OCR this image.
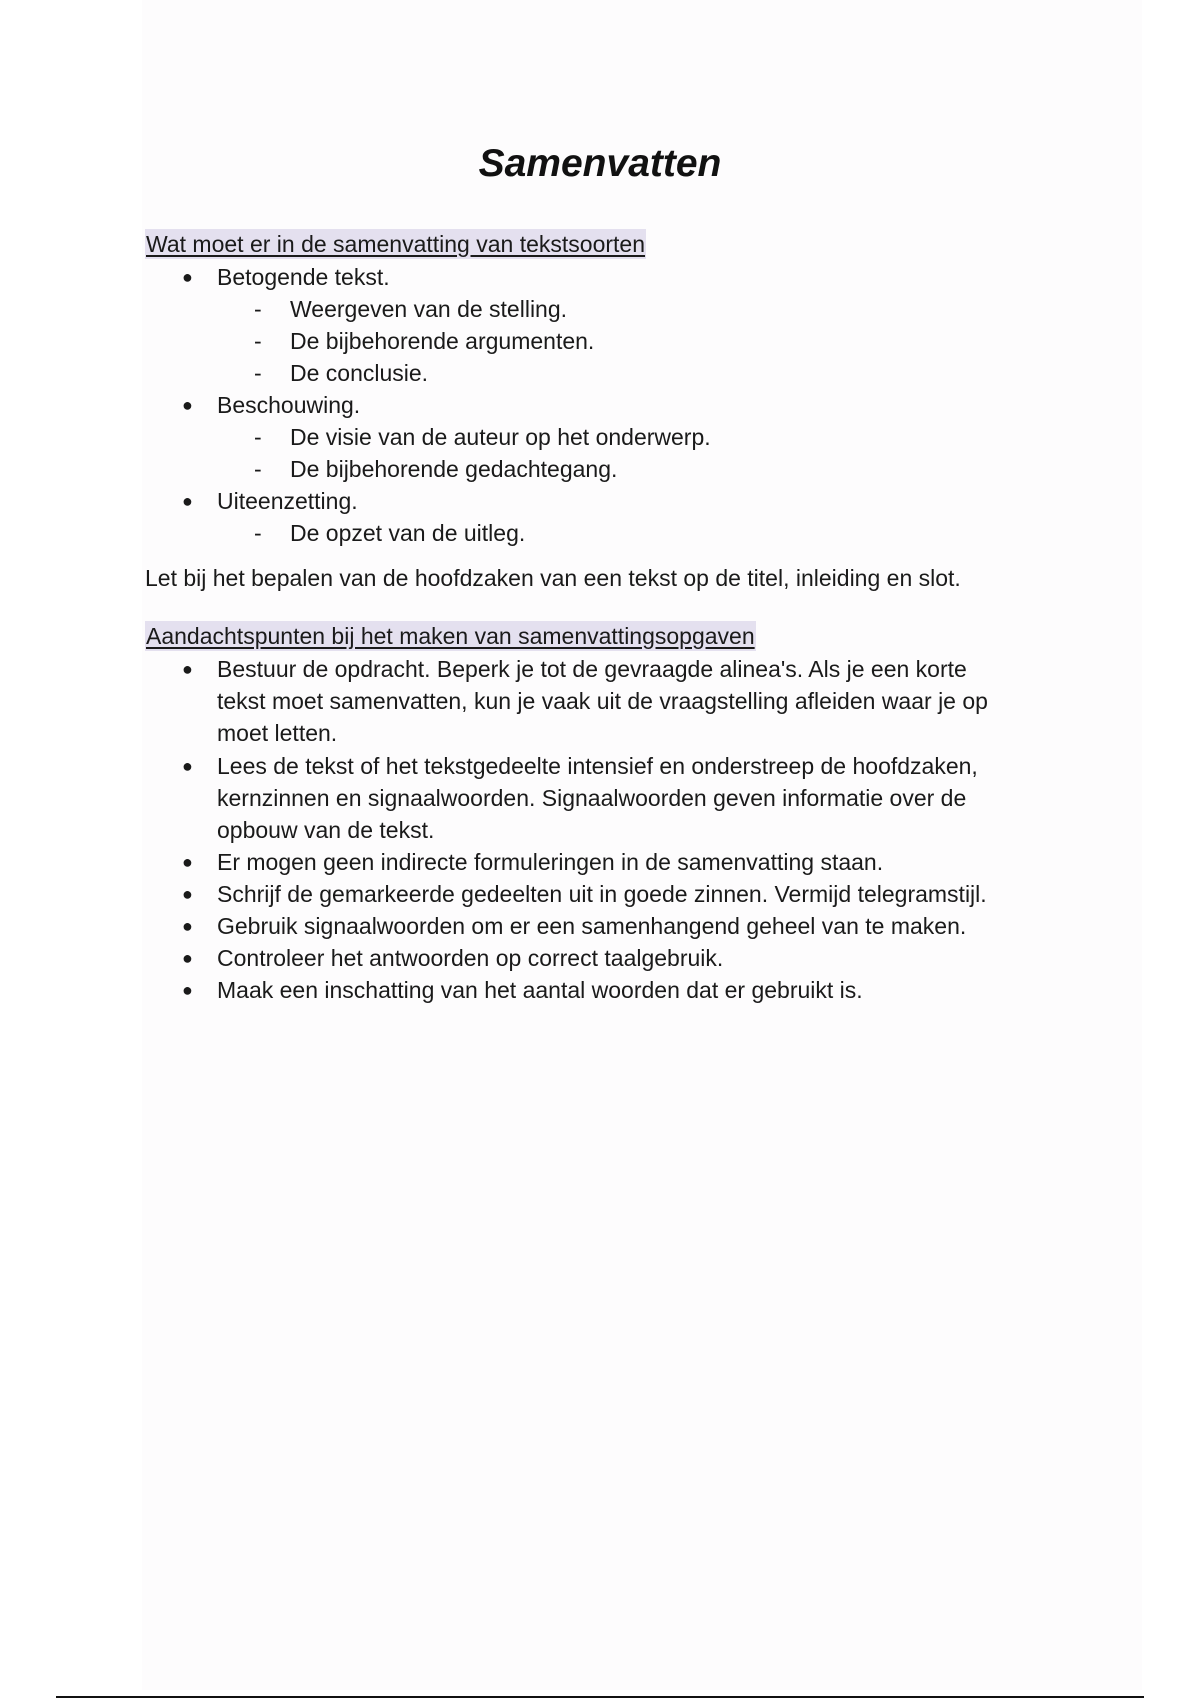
Samenvatten
Wat moet er in de samenvatting van tekstsoorten
● Betogende tekst.
- Weergeven van de stelling.
- De bijbehorende argumenten.
- De conclusie.
● Beschouwing.
- De visie van de auteur op het onderwerp.
- De bijbehorende gedachtegang.
● Uiteenzetting.
- De opzet van de uitleg.
Let bij het bepalen van de hoofdzaken van een tekst op de titel, inleiding en slot.
Aandachtspunten bij het maken van samenvattingsopgaven
● Bestuur de opdracht. Beperk je tot de gevraagde alinea's. Als je een korte
tekst moet samenvatten, kun je vaak uit de vraagstelling afleiden waar je op
moet letten.
● Lees de tekst of het tekstgedeelte intensief en onderstreep de hoofdzaken,
kernzinnen en signaalwoorden. Signaalwoorden geven informatie over de
opbouw van de tekst.
● Er mogen geen indirecte formuleringen in de samenvatting staan.
● Schrijf de gemarkeerde gedeelten uit in goede zinnen. Vermijd telegramstijl.
● Gebruik signaalwoorden om er een samenhangend geheel van te maken.
● Controleer het antwoorden op correct taalgebruik.
● Maak een inschatting van het aantal woorden dat er gebruikt is.
